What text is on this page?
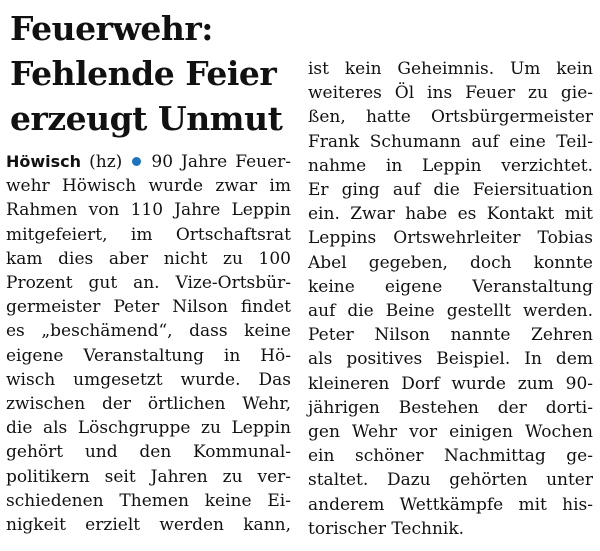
Feuerwehr:
Fehlende Feier
erzeugt Unmut
Höwisch (hz) 90 Jahre Feuer-
wehr Höwisch wurde zwar im
Rahmen von 110 Jahre Leppin
mitgefeiert, im Ortschaftsrat
kam dies aber nicht zu 100
Prozent gut an. Vize-Ortsbür-
germeister Peter Nilson findet
es „beschämend“, dass keine
eigene Veranstaltung in Hö-
wisch umgesetzt wurde. Das
zwischen der örtlichen Wehr,
die als Löschgruppe zu Leppin
gehört und den Kommunal-
politikern seit Jahren zu ver-
schiedenen Themen keine Ei-
nigkeit erzielt werden kann,
ist kein Geheimnis. Um kein
weiteres Öl ins Feuer zu gie-
ßen, hatte Ortsbürgermeister
Frank Schumann auf eine Teil-
nahme in Leppin verzichtet.
Er ging auf die Feiersituation
ein. Zwar habe es Kontakt mit
Leppins Ortswehrleiter Tobias
Abel gegeben, doch konnte
keine eigene Veranstaltung
auf die Beine gestellt werden.
Peter Nilson nannte Zehren
als positives Beispiel. In dem
kleineren Dorf wurde zum 90-
jährigen Bestehen der dorti-
gen Wehr vor einigen Wochen
ein schöner Nachmittag ge-
staltet. Dazu gehörten unter
anderem Wettkämpfe mit his-
torischer Technik.
